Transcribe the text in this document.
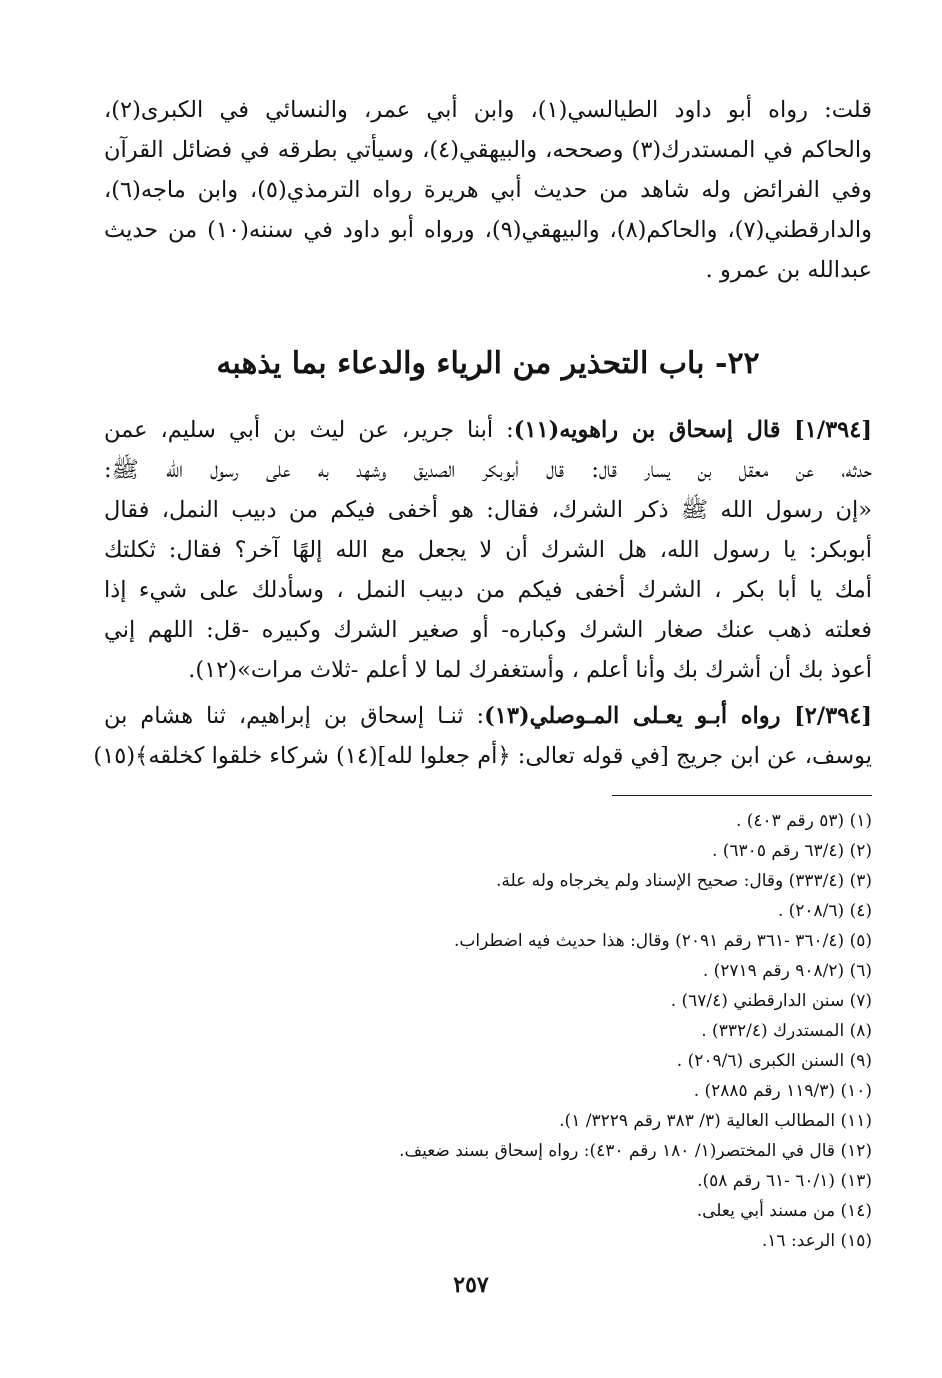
قلت: رواه أبو داود الطيالسي(١)، وابن أبي عمر، والنسائي في الكبرى(٢)،
والحاكم في المستدرك(٣) وصححه، والبيهقي(٤)، وسيأتي بطرقه في فضائل القرآن
وفي الفرائض وله شاهد من حديث أبي هريرة رواه الترمذي(٥)، وابن ماجه(٦)،
والدارقطني(٧)، والحاكم(٨)، والبيهقي(٩)، ورواه أبو داود في سننه(١٠) من حديث
عبدالله بن عمرو .
٢٢- باب التحذير من الرياء والدعاء بما يذهبه
[١/٣٩٤] قال إسحاق بن راهويه(١١): أبنا جرير، عن ليث بن أبي سليم، عمن
حدثه، عن معقل بن يسار قال: قال أبوبكر الصديق وشهد به على رسول الله ﷺ:
«إن رسول الله ﷺ ذكر الشرك، فقال: هو أخفى فيكم من دبيب النمل، فقال
أبوبكر: يا رسول الله، هل الشرك أن لا يجعل مع الله إلهًا آخر؟ فقال: ثكلتك
أمك يا أبا بكر ، الشرك أخفى فيكم من دبيب النمل ، وسأدلك على شيء إذا
فعلته ذهب عنك صغار الشرك وكباره- أو صغير الشرك وكبيره -قل: اللهم إني
أعوذ بك أن أشرك بك وأنا أعلم ، وأستغفرك لما لا أعلم -ثلاث مرات»(١٢).
[٢/٣٩٤] رواه أبـو يعـلى المـوصلي(١٣): ثنـا إسحاق بن إبراهيم، ثنا هشام بن
يوسف، عن ابن جريج [في قوله تعالى: ﴿أم جعلوا لله](١٤) شركاء خلقوا كخلقه﴾(١٥)
(١) (٥٣ رقم ٤٠٣) .
(٢) (٦٣/٤ رقم ٦٣٠٥) .
(٣) (٣٣٣/٤) وقال: صحيح الإسناد ولم يخرجاه وله علة.
(٤) (٢٠٨/٦) .
(٥) (٣٦٠/٤ -٣٦١ رقم ٢٠٩١) وقال: هذا حديث فيه اضطراب.
(٦) (٩٠٨/٢ رقم ٢٧١٩) .
(٧) سنن الدارقطني (٦٧/٤) .
(٨) المستدرك (٣٣٢/٤) .
(٩) السنن الكبرى (٢٠٩/٦) .
(١٠) (١١٩/٣ رقم ٢٨٨٥) .
(١١) المطالب العالية (٣/ ٣٨٣ رقم ٣٢٢٩/ ١).
(١٢) قال في المختصر(١/ ١٨٠ رقم ٤٣٠): رواه إسحاق بسند ضعيف.
(١٣) (٦٠/١ -٦١ رقم ٥٨).
(١٤) من مسند أبي يعلى.
(١٥) الرعد: ١٦.
٢٥٧
